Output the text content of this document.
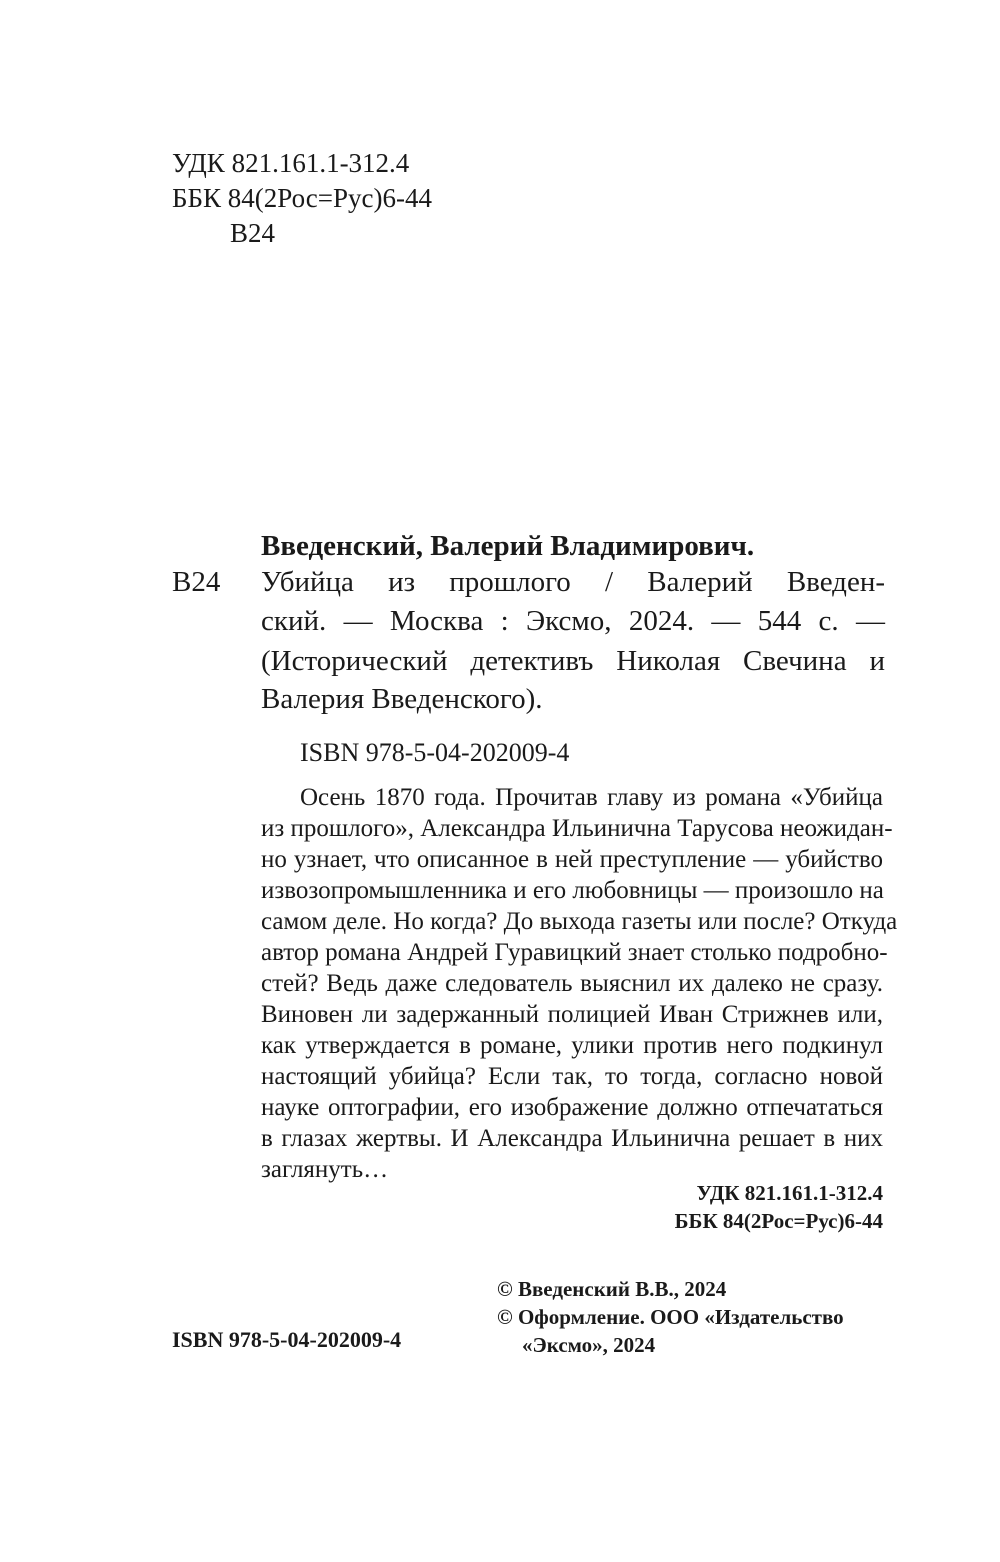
УДК 821.161.1-312.4
ББК 84(2Рос=Рус)6-44
В24
Введенский, Валерий Владимирович.
В24 Убийца из прошлого / Валерий Введен-
ский. — Москва : Эксмо, 2024. — 544 с. —
(Исторический детективъ Николая Свечина и
Валерия Введенского).
ISBN 978-5-04-202009-4
Осень 1870 года. Прочитав главу из романа «Убийца
из прошлого», Александра Ильинична Тарусова неожидан-
но узнает, что описанное в ней преступление — убийство
извозопромышленника и его любовницы — произошло на
самом деле. Но когда? До выхода газеты или после? Откуда
автор романа Андрей Гуравицкий знает столько подробно-
стей? Ведь даже следователь выяснил их далеко не сразу.
Виновен ли задержанный полицией Иван Стрижнев или,
как утверждается в романе, улики против него подкинул
настоящий убийца? Если так, то тогда, согласно новой
науке оптографии, его изображение должно отпечататься
в глазах жертвы. И Александра Ильинична решает в них
заглянуть…
УДК 821.161.1-312.4
ББК 84(2Рос=Рус)6-44
ISBN 978-5-04-202009-4
© Введенский В.В., 2024
© Оформление. ООО «Издательство
«Эксмо», 2024
